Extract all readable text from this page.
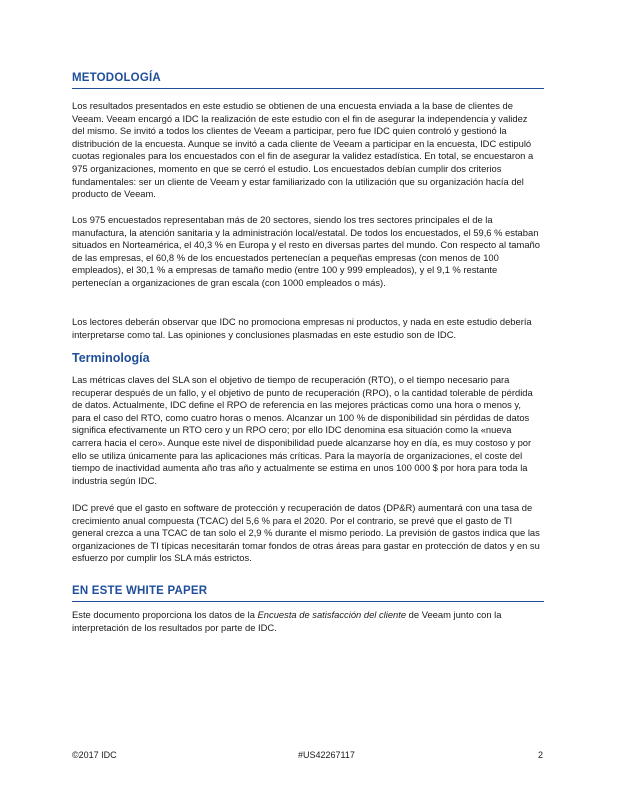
METODOLOGÍA

Los resultados presentados en este estudio se obtienen de una encuesta enviada a la base de clientes de Veeam. Veeam encargó a IDC la realización de este estudio con el fin de asegurar la independencia y validez del mismo. Se invitó a todos los clientes de Veeam a participar, pero fue IDC quien controló y gestionó la distribución de la encuesta. Aunque se invitó a cada cliente de Veeam a participar en la encuesta, IDC estipuló cuotas regionales para los encuestados con el fin de asegurar la validez estadística. En total, se encuestaron a 975 organizaciones, momento en que se cerró el estudio. Los encuestados debían cumplir dos criterios fundamentales: ser un cliente de Veeam y estar familiarizado con la utilización que su organización hacía del producto de Veeam.

Los 975 encuestados representaban más de 20 sectores, siendo los tres sectores principales el de la manufactura, la atención sanitaria y la administración local/estatal. De todos los encuestados, el 59,6 % estaban situados en Norteamérica, el 40,3 % en Europa y el resto en diversas partes del mundo. Con respecto al tamaño de las empresas, el 60,8 % de los encuestados pertenecían a pequeñas empresas (con menos de 100 empleados), el 30,1 % a empresas de tamaño medio (entre 100 y 999 empleados), y el 9,1 % restante pertenecían a organizaciones de gran escala (con 1000 empleados o más).

Los lectores deberán observar que IDC no promociona empresas ni productos, y nada en este estudio debería interpretarse como tal. Las opiniones y conclusiones plasmadas en este estudio son de IDC.

Terminología

Las métricas claves del SLA son el objetivo de tiempo de recuperación (RTO), o el tiempo necesario para recuperar después de un fallo, y el objetivo de punto de recuperación (RPO), o la cantidad tolerable de pérdida de datos. Actualmente, IDC define el RPO de referencia en las mejores prácticas como una hora o menos y, para el caso del RTO, como cuatro horas o menos. Alcanzar un 100 % de disponibilidad sin pérdidas de datos significa efectivamente un RTO cero y un RPO cero; por ello IDC denomina esa situación como la «nueva carrera hacia el cero». Aunque este nivel de disponibilidad puede alcanzarse hoy en día, es muy costoso y por ello se utiliza únicamente para las aplicaciones más críticas. Para la mayoría de organizaciones, el coste del tiempo de inactividad aumenta año tras año y actualmente se estima en unos 100 000 $ por hora para toda la industria según IDC.

IDC prevé que el gasto en software de protección y recuperación de datos (DP&R) aumentará con una tasa de crecimiento anual compuesta (TCAC) del 5,6 % para el 2020. Por el contrario, se prevé que el gasto de TI general crezca a una TCAC de tan solo el 2,9 % durante el mismo periodo. La previsión de gastos indica que las organizaciones de TI típicas necesitarán tomar fondos de otras áreas para gastar en protección de datos y en su esfuerzo por cumplir los SLA más estrictos.

EN ESTE WHITE PAPER

Este documento proporciona los datos de la Encuesta de satisfacción del cliente de Veeam junto con la interpretación de los resultados por parte de IDC.

©2017 IDC	#US42267117	2
